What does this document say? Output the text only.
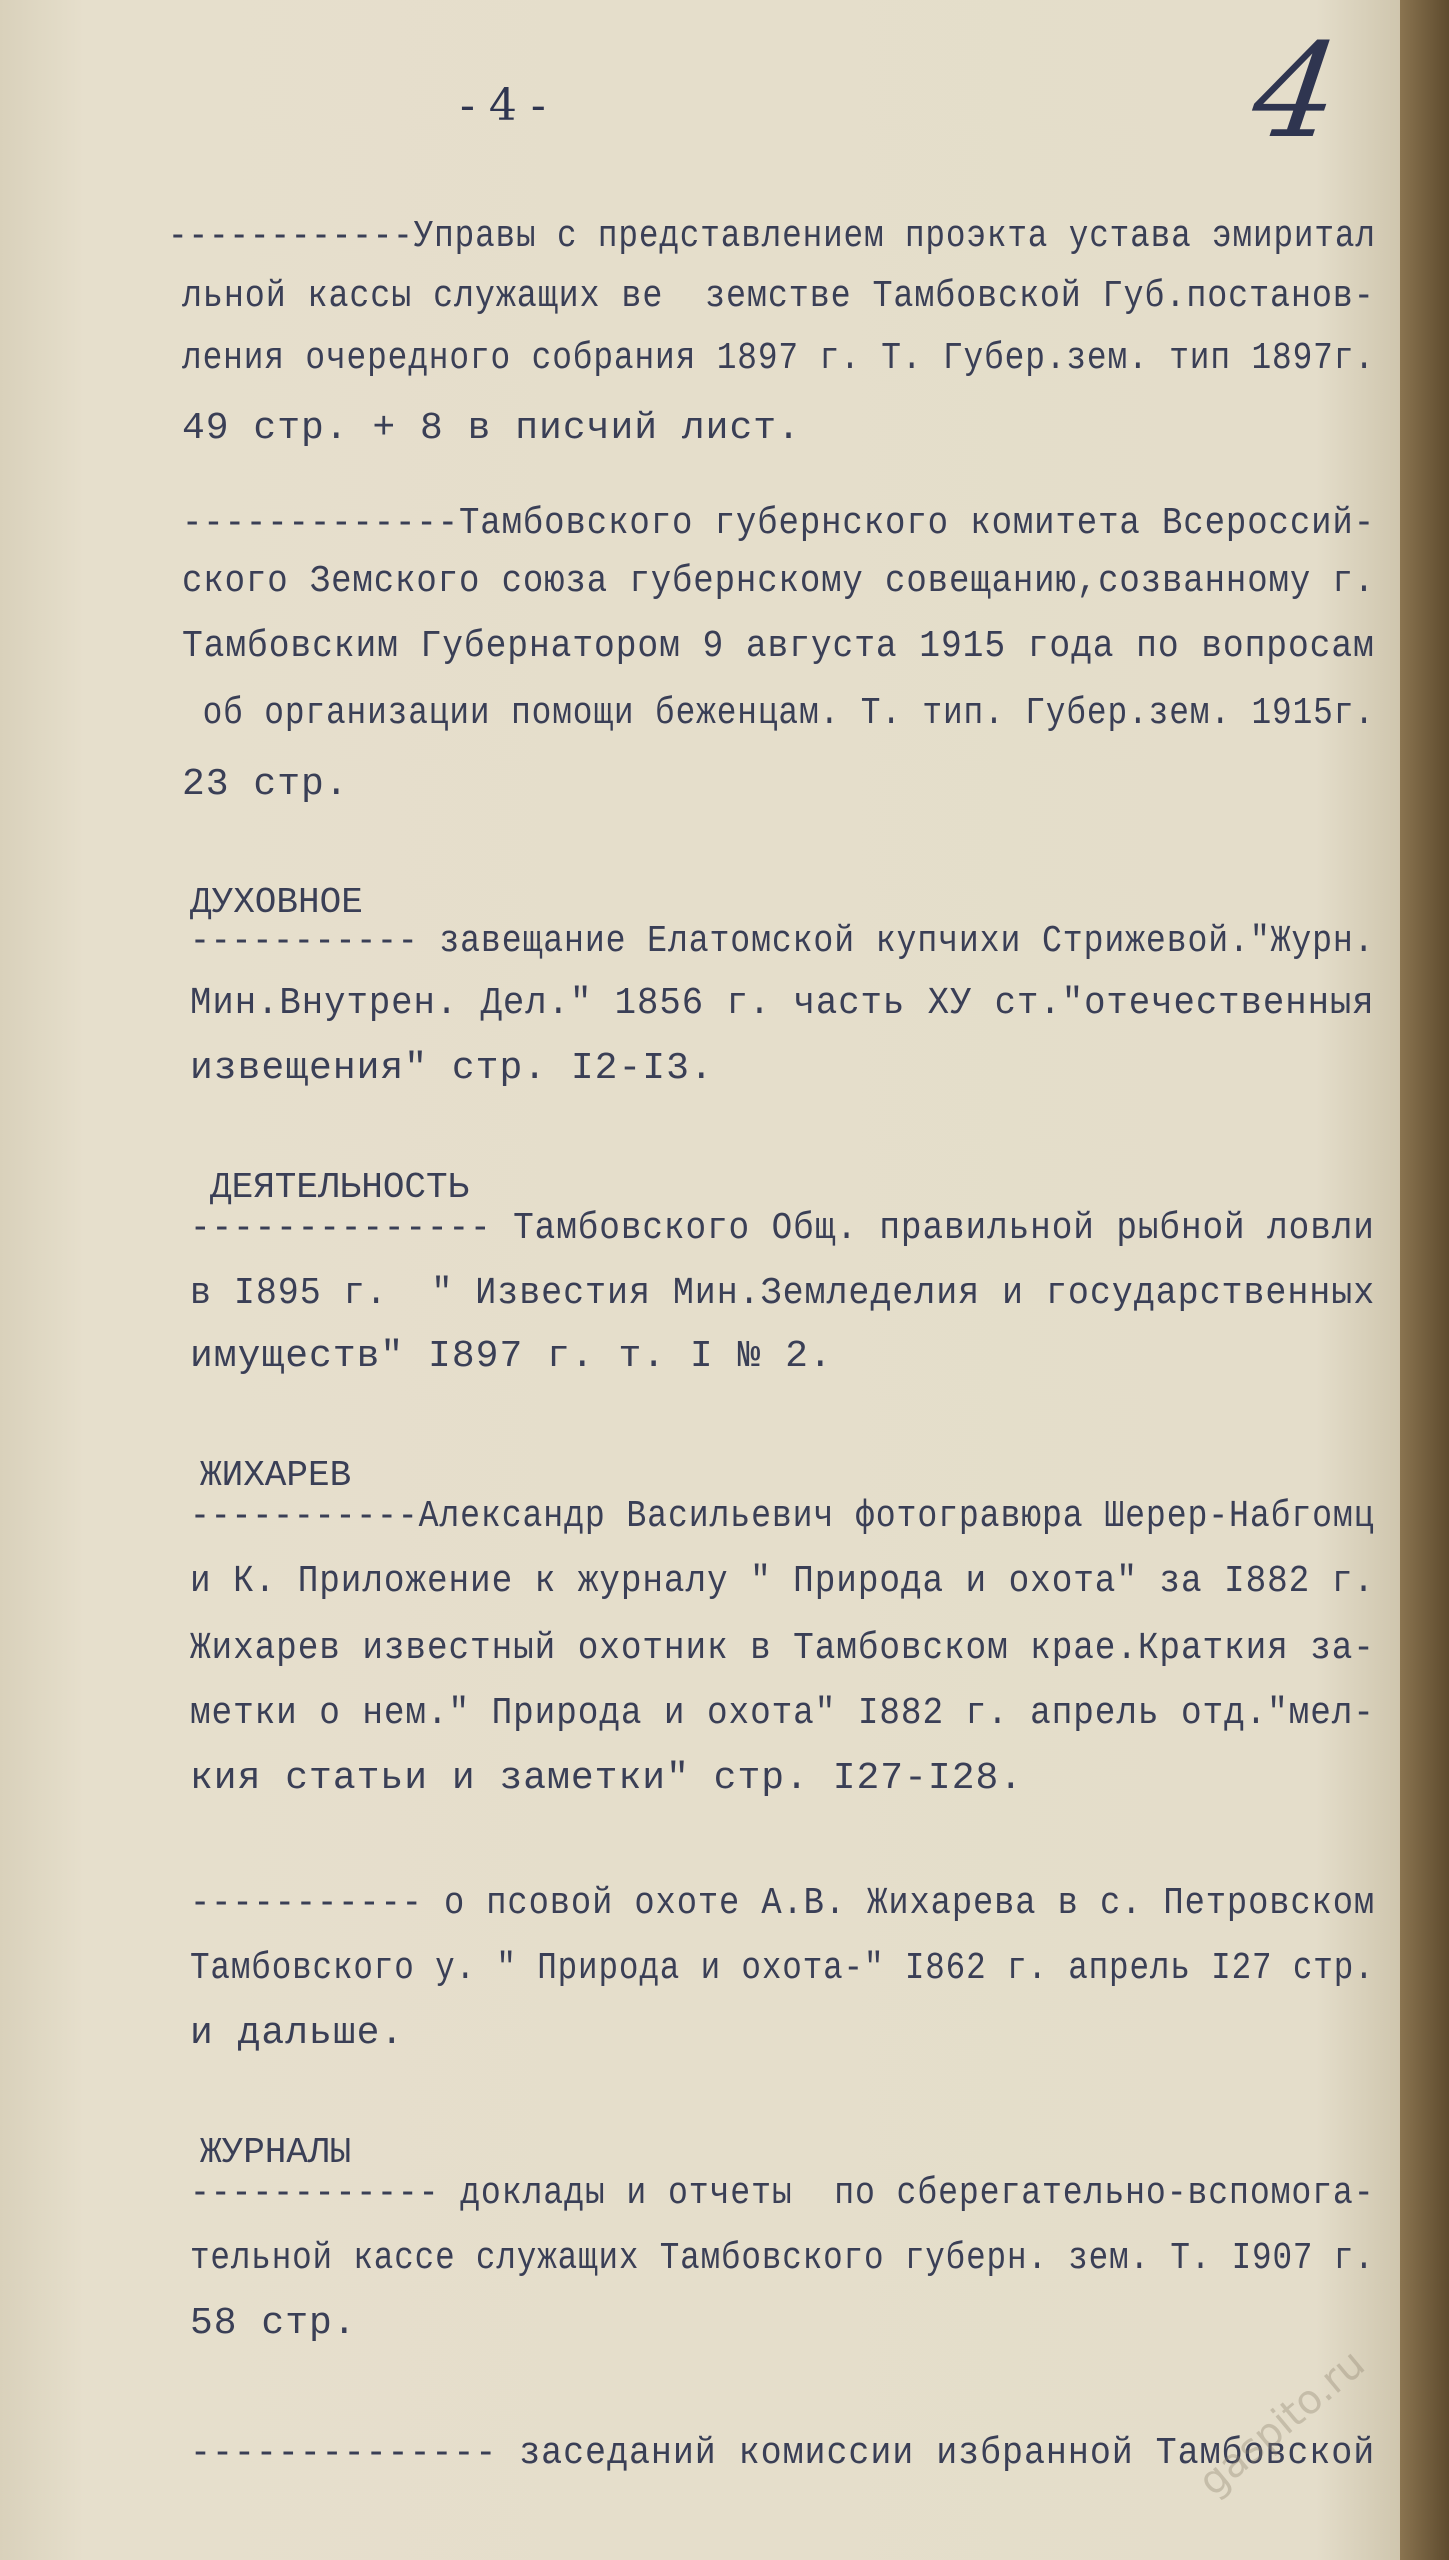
- 4 -	4
------------Управы с представлением проэкта устава эмиритал
льной кассы служащих ве  земстве Тамбовской Губ.постанов-
ления очередного собрания 1897 г. Т. Губер.зем. тип 1897г.
49 стр. + 8 в писчий лист.
-------------Тамбовского губернского комитета Всероссий-
ского Земского союза губернскому совещанию,созванному г.
Тамбовским Губернатором 9 августа 1915 года по вопросам
об организации помощи беженцам. Т. тип. Губер.зем. 1915г.
23 стр.
ДУХОВНОЕ
----------- завещание Елатомской купчихи Стрижевой."Журн.
Мин.Внутрен. Дел." 1856 г. часть ХУ ст."отечественныя
извещения" стр. I2-I3.
ДЕЯТЕЛЬНОСТЬ
-------------- Тамбовского Общ. правильной рыбной ловли
в I895 г.  " Известия Мин.Земледелия и государственных
имуществ" I897 г. т. I № 2.
ЖИХАРЕВ
-----------Александр Васильевич фотогравюра Шерер-Набгомц
и К. Приложение к журналу " Природа и охота" за I882 г.
Жихарев известный охотник в Тамбовском крае.Краткия за-
метки о нем." Природа и охота" I882 г. апрель отд."мел-
кия статьи и заметки" стр. I27-I28.
----------- о псовой охоте А.В. Жихарева в с. Петровском
Тамбовского у. " Природа и охота-" I862 г. апрель I27 стр.
и дальше.
ЖУРНАЛЫ
------------ доклады и отчеты  по сберегательно-вспомога-
тельной кассе служащих Тамбовского губерн. зем. Т. I907 г.
58 стр.
-------------- заседаний комиссии избранной Тамбовской
gaspito.ru
